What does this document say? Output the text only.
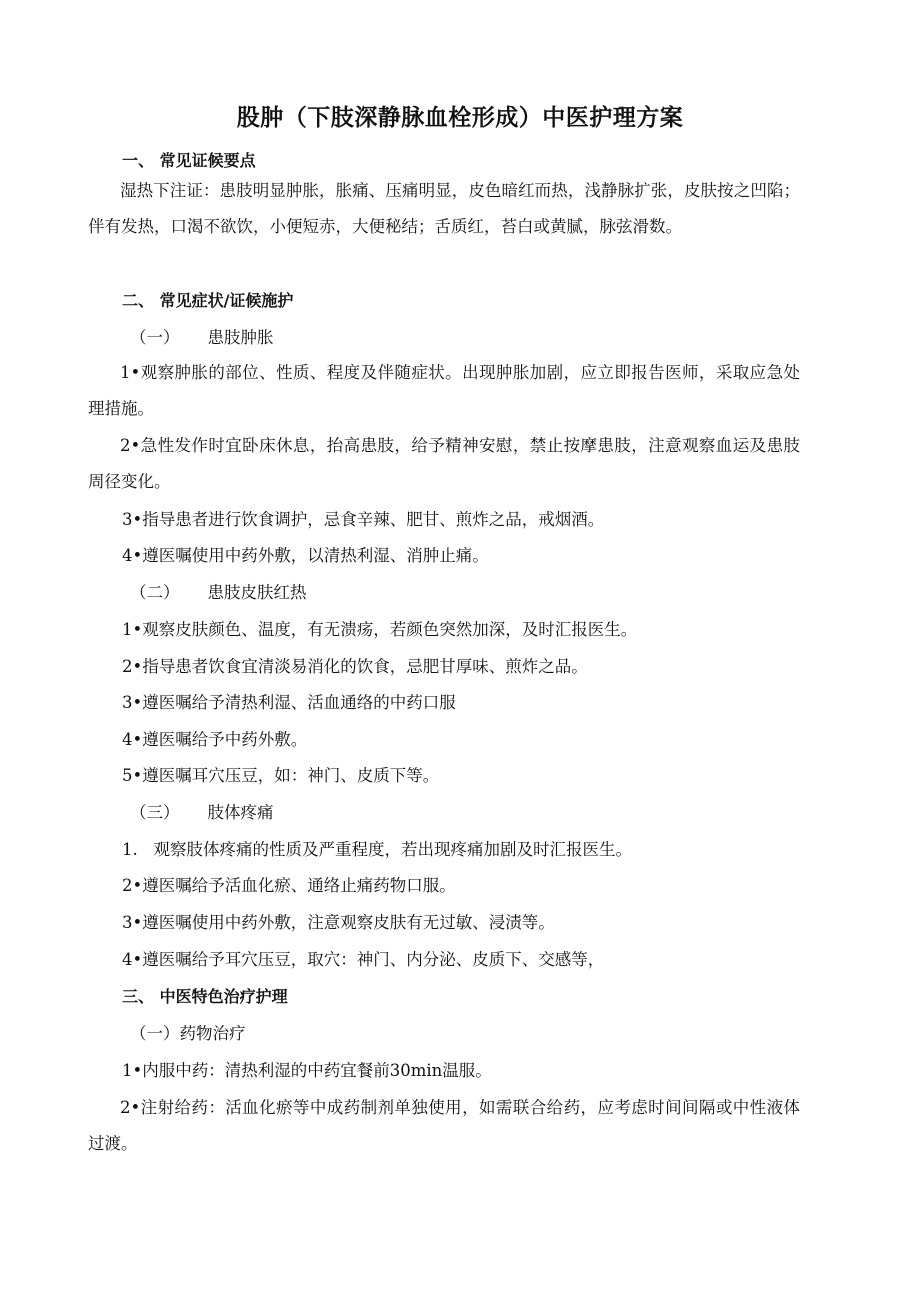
股肿（下肢深静脉血栓形成）中医护理方案
一、 常见证候要点
湿热下注证：患肢明显肿胀，胀痛、压痛明显，皮色暗红而热，浅静脉扩张，皮肤按之凹陷；伴有发热，口渴不欲饮，小便短赤，大便秘结；舌质红，苔白或黄腻，脉弦滑数。
二、 常见症状/证候施护
（一） 患肢肿胀
1•观察肿胀的部位、性质、程度及伴随症状。出现肿胀加剧，应立即报告医师，采取应急处理措施。
2•急性发作时宜卧床休息，抬高患肢，给予精神安慰，禁止按摩患肢，注意观察血运及患肢周径变化。
3•指导患者进行饮食调护，忌食辛辣、肥甘、煎炸之品，戒烟酒。
4•遵医嘱使用中药外敷，以清热利湿、消肿止痛。
（二） 患肢皮肤红热
1•观察皮肤颜色、温度，有无溃疡，若颜色突然加深，及时汇报医生。
2•指导患者饮食宜清淡易消化的饮食，忌肥甘厚味、煎炸之品。
3•遵医嘱给予清热利湿、活血通络的中药口服
4•遵医嘱给予中药外敷。
5•遵医嘱耳穴压豆，如：神门、皮质下等。
（三） 肢体疼痛
1.   观察肢体疼痛的性质及严重程度，若出现疼痛加剧及时汇报医生。
2•遵医嘱给予活血化瘀、通络止痛药物口服。
3•遵医嘱使用中药外敷，注意观察皮肤有无过敏、浸渍等。
4•遵医嘱给予耳穴压豆，取穴：神门、内分泌、皮质下、交感等，
三、 中医特色治疗护理
（一）药物治疗
1•内服中药：清热利湿的中药宜餐前30min温服。
2•注射给药：活血化瘀等中成药制剂单独使用，如需联合给药，应考虑时间间隔或中性液体过渡。
